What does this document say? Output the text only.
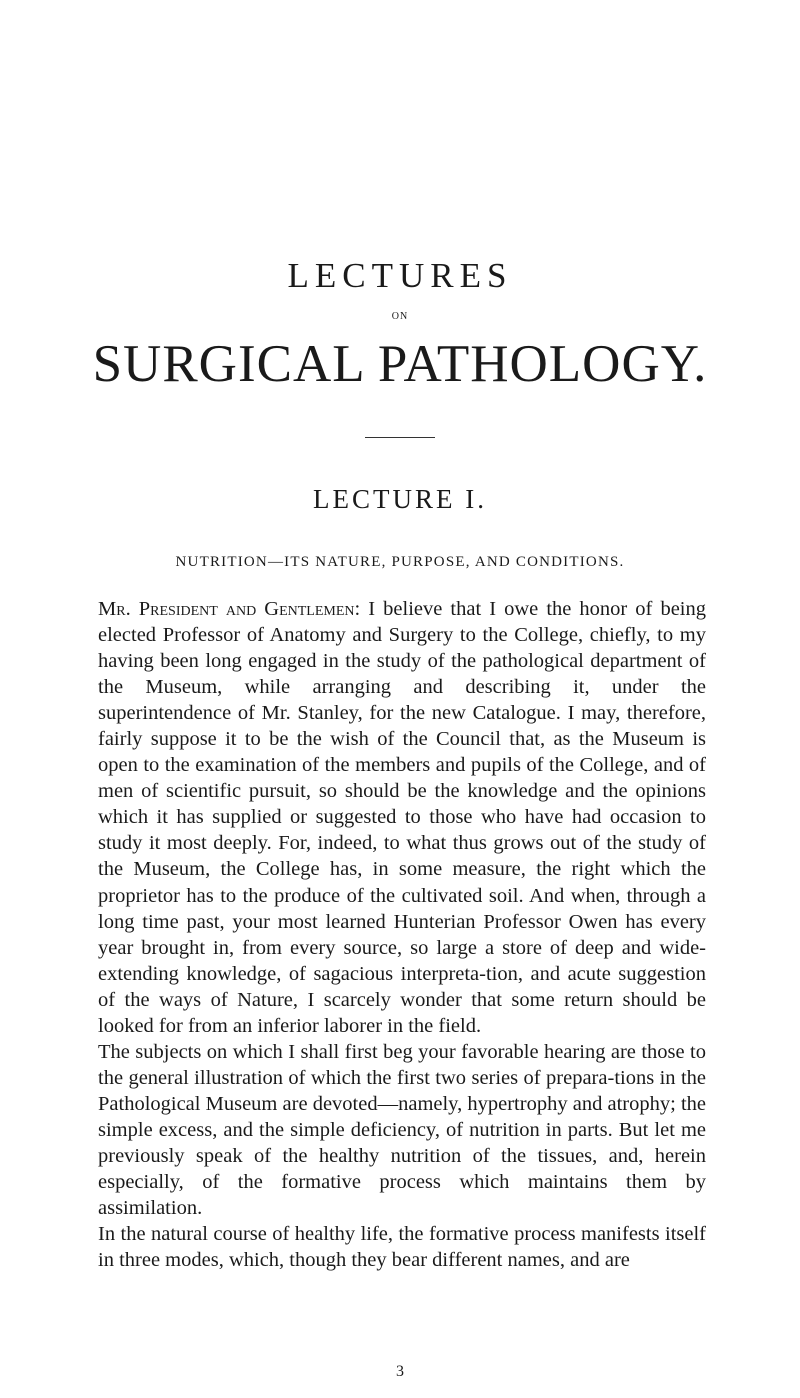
LECTURES
ON
SURGICAL PATHOLOGY.
LECTURE I.
NUTRITION—ITS NATURE, PURPOSE, AND CONDITIONS.

Mr. President and Gentlemen: I believe that I owe the honor of being elected Professor of Anatomy and Surgery to the College, chiefly, to my having been long engaged in the study of the pathological department of the Museum, while arranging and describing it, under the superintendence of Mr. Stanley, for the new Catalogue. I may, therefore, fairly suppose it to be the wish of the Council that, as the Museum is open to the examination of the members and pupils of the College, and of men of scientific pursuit, so should be the knowledge and the opinions which it has supplied or suggested to those who have had occasion to study it most deeply. For, indeed, to what thus grows out of the study of the Museum, the College has, in some measure, the right which the proprietor has to the produce of the cultivated soil. And when, through a long time past, your most learned Hunterian Professor Owen has every year brought in, from every source, so large a store of deep and wide-extending knowledge, of sagacious interpreta-tion, and acute suggestion of the ways of Nature, I scarcely wonder that some return should be looked for from an inferior laborer in the field.

The subjects on which I shall first beg your favorable hearing are those to the general illustration of which the first two series of prepara-tions in the Pathological Museum are devoted—namely, hypertrophy and atrophy; the simple excess, and the simple deficiency, of nutrition in parts. But let me previously speak of the healthy nutrition of the tissues, and, herein especially, of the formative process which maintains them by assimilation.

In the natural course of healthy life, the formative process manifests itself in three modes, which, though they bear different names, and are

3
